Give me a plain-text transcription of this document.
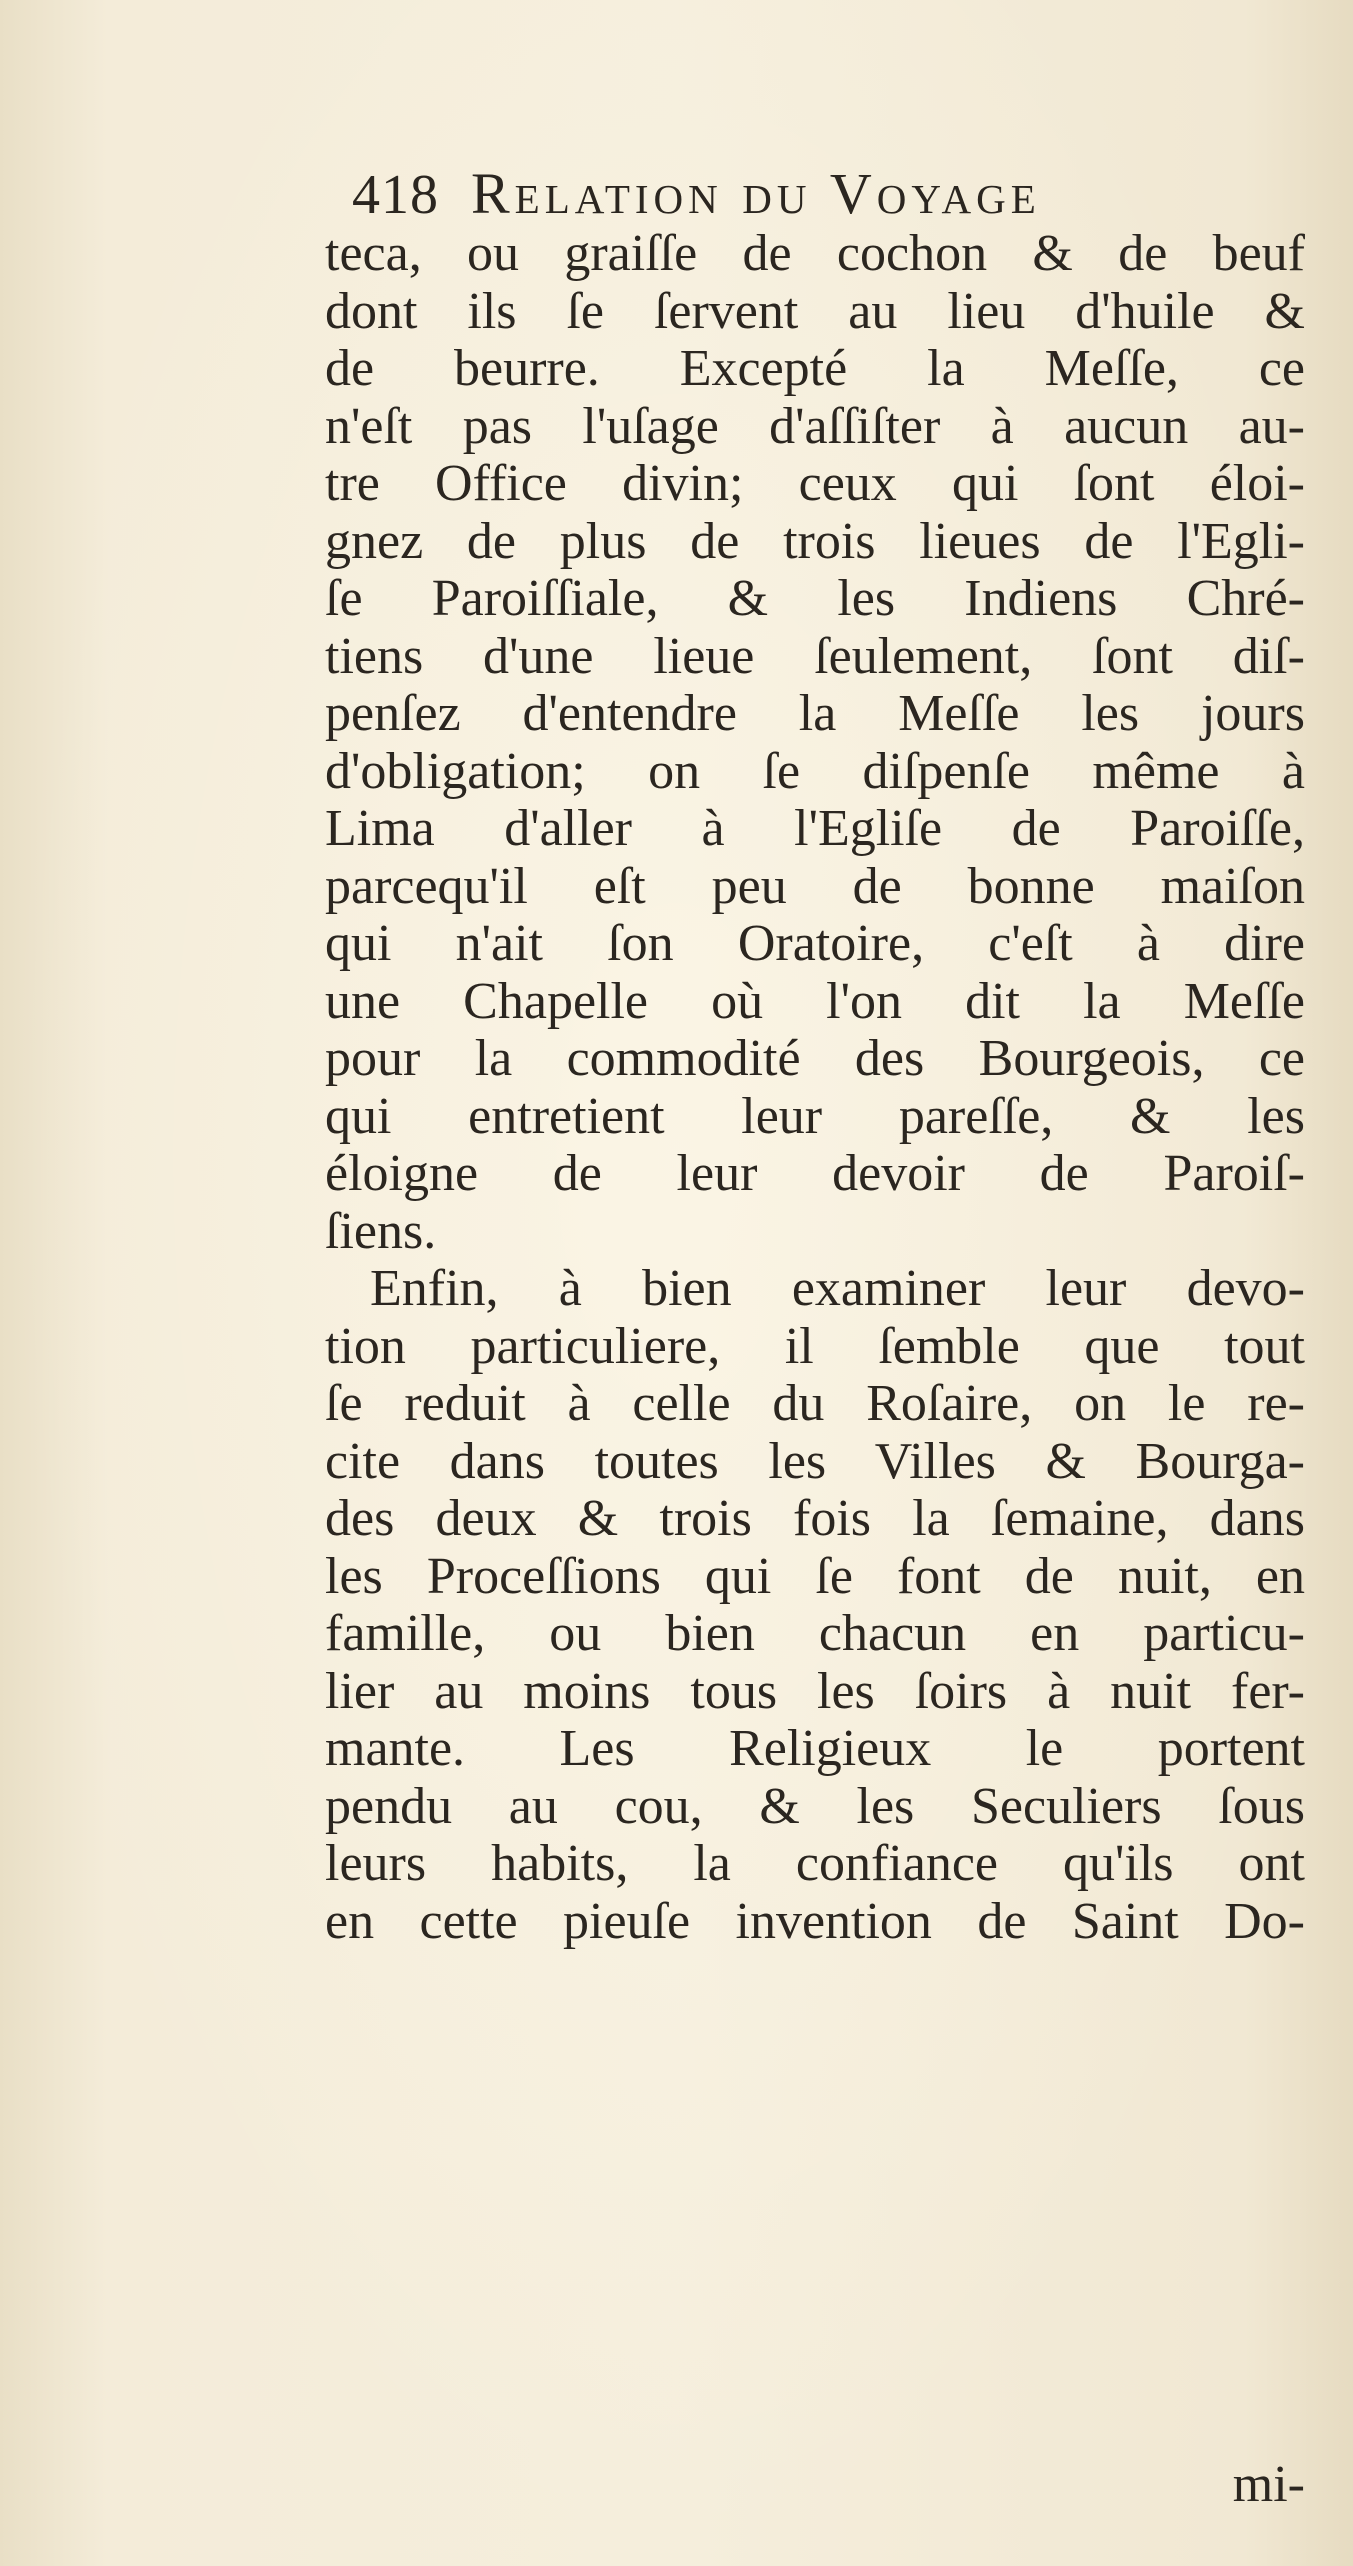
418 Relation du Voyage
teca, ou graiſſe de cochon & de beuf
dont ils ſe ſervent au lieu d'huile &
de beurre. Excepté la Meſſe, ce
n'eſt pas l'uſage d'aſſiſter à aucun au-
tre Office divin; ceux qui ſont éloi-
gnez de plus de trois lieues de l'Egli-
ſe Paroiſſiale, & les Indiens Chré-
tiens d'une lieue ſeulement, ſont diſ-
penſez d'entendre la Meſſe les jours
d'obligation; on ſe diſpenſe même à
Lima d'aller à l'Egliſe de Paroiſſe,
parcequ'il eſt peu de bonne maiſon
qui n'ait ſon Oratoire, c'eſt à dire
une Chapelle où l'on dit la Meſſe
pour la commodité des Bourgeois, ce
qui entretient leur pareſſe, & les
éloigne de leur devoir de Paroiſ-
ſiens.
Enfin, à bien examiner leur devo-
tion particuliere, il ſemble que tout
ſe reduit à celle du Roſaire, on le re-
cite dans toutes les Villes & Bourga-
des deux & trois fois la ſemaine, dans
les Proceſſions qui ſe font de nuit, en
famille, ou bien chacun en particu-
lier au moins tous les ſoirs à nuit fer-
mante. Les Religieux le portent
pendu au cou, & les Seculiers ſous
leurs habits, la confiance qu'ils ont
en cette pieuſe invention de Saint Do-
mi-
